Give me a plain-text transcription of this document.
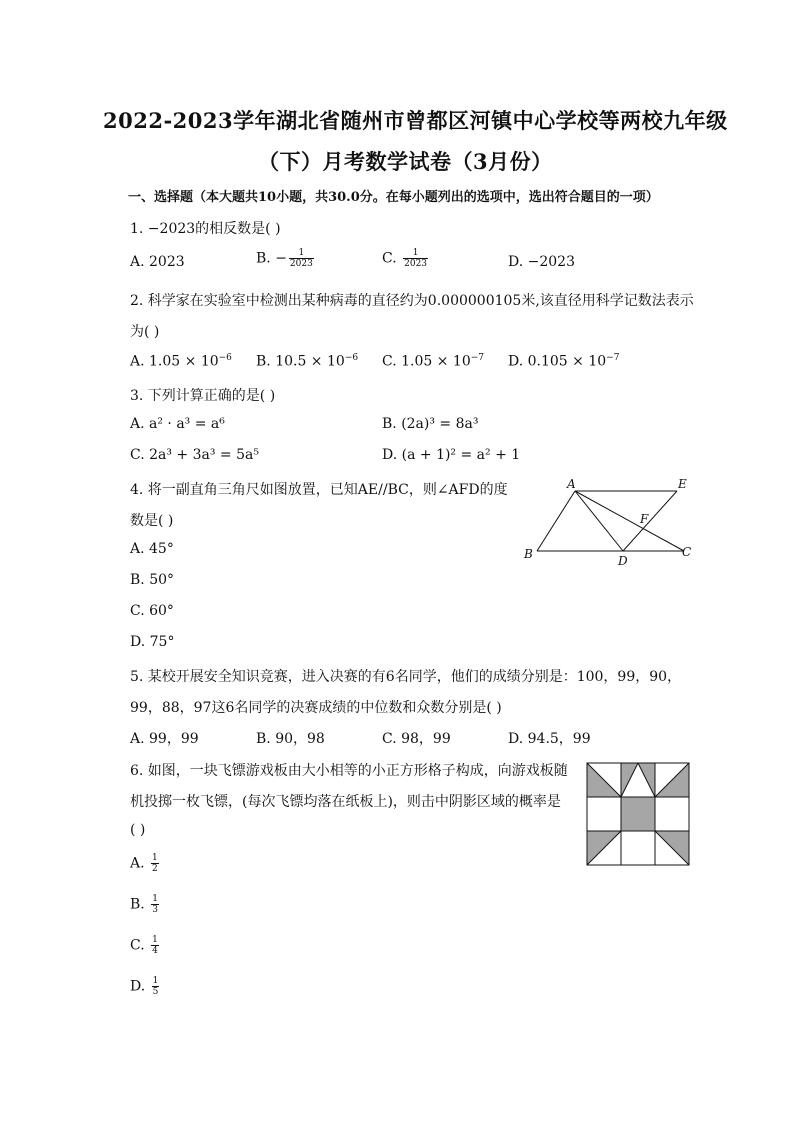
2022-2023学年湖北省随州市曾都区河镇中心学校等两校九年级
（下）月考数学试卷（3月份）
一、选择题（本大题共10小题，共30.0分。在每小题列出的选项中，选出符合题目的一项）
1. −2023的相反数是( )
A. 2023	B. − $\frac{1}{2023}$	C. $\frac{1}{2023}$	D. −2023
2. 科学家在实验室中检测出某种病毒的直径约为0.000000105米,该直径用科学记数法表示
为( )
A. $1.05 \times 10^{-6}$ B. $10.5 \times 10^{-6}$ C. $1.05 \times 10^{-7}$ D. $0.105 \times 10^{-7}$
3. 下列计算正确的是( )
A. a² · a³ = a⁶	B. (2a)³ = 8a³
C. 2a³ + 3a³ = 5a⁵	D. (a + 1)² = a² + 1
4. 将一副直角三角尺如图放置，已知AE//BC，则∠AFD的度
数是( )
A. 45°
B. 50°
C. 60°
D. 75°
A	E
F
B	D
C
5. 某校开展安全知识竞赛，进入决赛的有6名同学，他们的成绩分别是：100，99，90，
99，88，97这6名同学的决赛成绩的中位数和众数分别是( )
A. 99，99	B. 90，98	C. 98，99	D. 94.5，99
6. 如图，一块飞镖游戏板由大小相等的小正方形格子构成，向游戏板随
机投掷一枚飞镖，(每次飞镖均落在纸板上)，则击中阴影区域的概率是
( )
A. $\frac{1}{2}$
B. $\frac{1}{3}$
C. $\frac{1}{4}$
D. $\frac{1}{5}$
